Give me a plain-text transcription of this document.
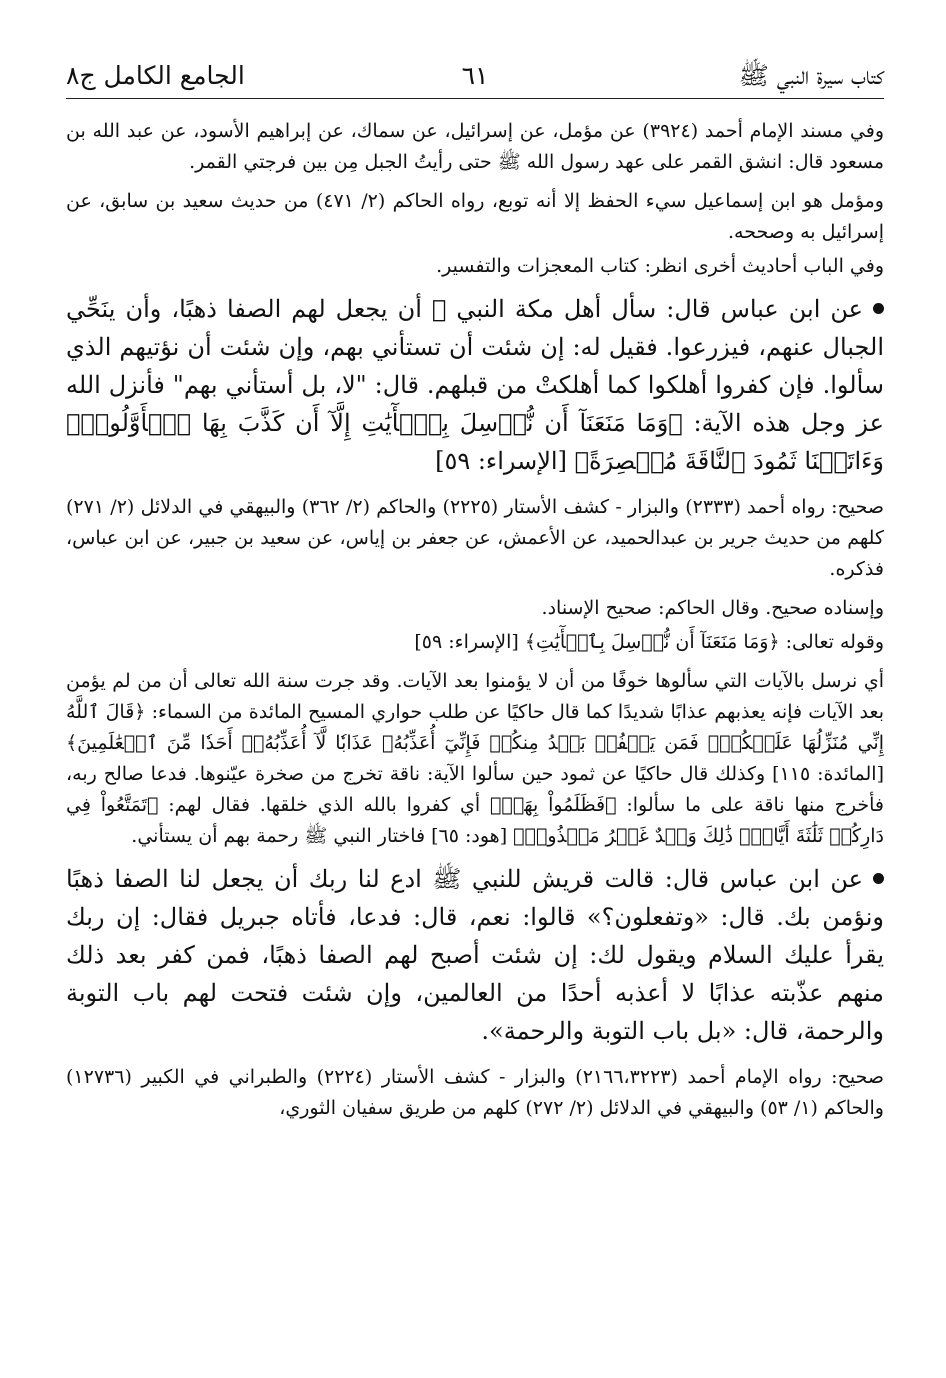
كتاب سيرة النبي ﷺ
٦١
الجامع الكامل ج٨

وفي مسند الإمام أحمد (٣٩٢٤) عن مؤمل، عن إسرائيل، عن سماك، عن إبراهيم الأسود، عن عبد الله بن مسعود قال: انشق القمر على عهد رسول الله ﷺ حتى رأيتُ الجبل مِن بين فرجتي القمر.

ومؤمل هو ابن إسماعيل سيء الحفظ إلا أنه توبع، رواه الحاكم (٢/ ٤٧١) من حديث سعيد بن سابق، عن إسرائيل به وصححه.

وفي الباب أحاديث أخرى انظر: كتاب المعجزات والتفسير.

عن ابن عباس قال: سأل أهل مكة النبي ﷺ أن يجعل لهم الصفا ذهبًا، وأن ينَحِّي الجبال عنهم، فيزرعوا. فقيل له: إن شئت أن تستأني بهم، وإن شئت أن نؤتيهم الذي سألوا. فإن كفروا أهلكوا كما أهلكتْ من قبلهم. قال: "لا، بل أستأني بهم" فأنزل الله عز وجل هذه الآية: ﴿وَمَا مَنَعَنَآ أَن نُّرۡسِلَ بِٱلۡأٓيَٰتِ إِلَّآ أَن كَذَّبَ بِهَا ٱلۡأَوَّلُونَۚ وَءَاتَيۡنَا ثَمُودَ ٱلنَّاقَةَ مُبۡصِرَةً﴾ [الإسراء: ٥٩]

صحيح: رواه أحمد (٢٣٣٣) والبزار - كشف الأستار (٢٢٢٥) والحاكم (٢/ ٣٦٢) والبيهقي في الدلائل (٢/ ٢٧١) كلهم من حديث جرير بن عبدالحميد، عن الأعمش، عن جعفر بن إياس، عن سعيد بن جبير، عن ابن عباس، فذكره.

وإسناده صحيح. وقال الحاكم: صحيح الإسناد.

وقوله تعالى: ﴿وَمَا مَنَعَنَآ أَن نُّرۡسِلَ بِٱلۡأٓيَٰتِ﴾ [الإسراء: ٥٩]

أي نرسل بالآيات التي سألوها خوفًا من أن لا يؤمنوا بعد الآيات. وقد جرت سنة الله تعالى أن من لم يؤمن بعد الآيات فإنه يعذبهم عذابًا شديدًا كما قال حاكيًا عن طلب حواري المسيح المائدة من السماء: ﴿قَالَ ٱللَّهُ إِنِّي مُنَزِّلُهَا عَلَيۡكُمۡۖ فَمَن يَكۡفُرۡ بَعۡدُ مِنكُمۡ فَإِنِّيٓ أُعَذِّبُهُۥ عَذَابٗا لَّآ أُعَذِّبُهُۥٓ أَحَدٗا مِّنَ ٱلۡعَٰلَمِينَ﴾ [المائدة: ١١٥] وكذلك قال حاكيًا عن ثمود حين سألوا الآية: ناقة تخرج من صخرة عيّنوها. فدعا صالح ربه، فأخرج منها ناقة على ما سألوا: ﴿فَظَلَمُواْ بِهَاۚ﴾ أي كفروا بالله الذي خلقها. فقال لهم: ﴿تَمَتَّعُواْ فِي دَارِكُمۡ ثَلَٰثَةَ أَيَّامٖۖ ذَٰلِكَ وَعۡدٌ غَيۡرُ مَكۡذُوبٖ﴾ [هود: ٦٥] فاختار النبي ﷺ رحمة بهم أن يستأني.

عن ابن عباس قال: قالت قريش للنبي ﷺ ادع لنا ربك أن يجعل لنا الصفا ذهبًا ونؤمن بك. قال: «وتفعلون؟» قالوا: نعم، قال: فدعا، فأتاه جبريل فقال: إن ربك يقرأ عليك السلام ويقول لك: إن شئت أصبح لهم الصفا ذهبًا، فمن كفر بعد ذلك منهم عذّبته عذابًا لا أعذبه أحدًا من العالمين، وإن شئت فتحت لهم باب التوبة والرحمة، قال: «بل باب التوبة والرحمة».

صحيح: رواه الإمام أحمد (٢١٦٦،٣٢٢٣) والبزار - كشف الأستار (٢٢٢٤) والطبراني في الكبير (١٢٧٣٦) والحاكم (١/ ٥٣) والبيهقي في الدلائل (٢/ ٢٧٢) كلهم من طريق سفيان الثوري،
